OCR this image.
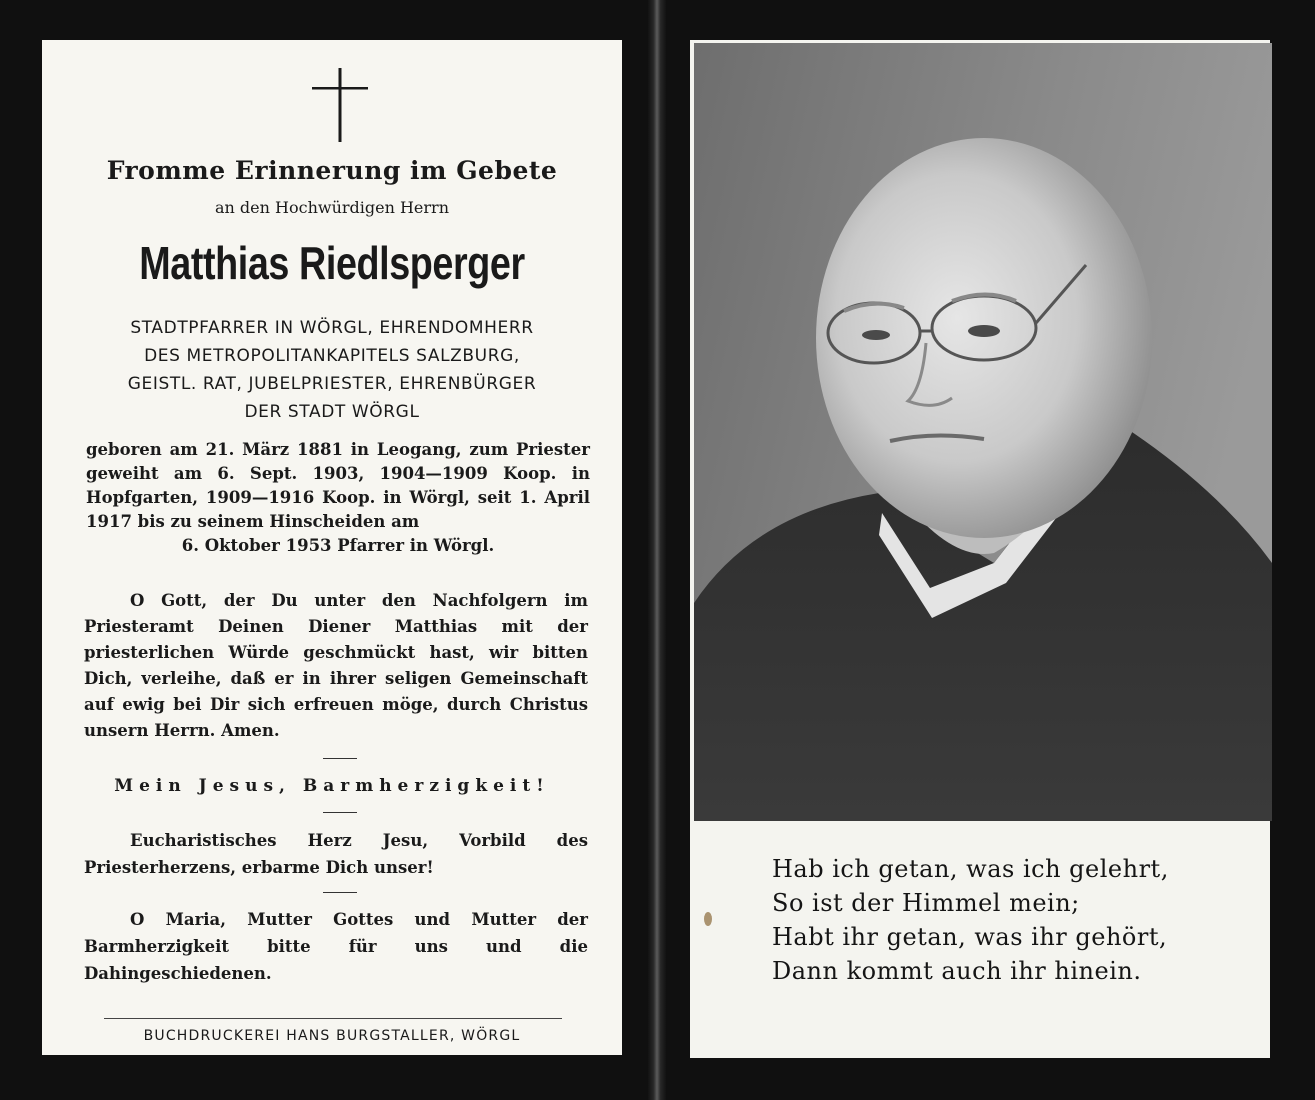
Fromme Erinnerung im Gebete
an den Hochwürdigen Herrn
Matthias Riedlsperger
STADTPFARRER IN WÖRGL, EHRENDOMHERR
DES METROPOLITANKAPITELS SALZBURG,
GEISTL. RAT, JUBELPRIESTER, EHRENBÜRGER
DER STADT WÖRGL
geboren am 21. März 1881 in Leogang, zum Priester geweiht am 6. Sept. 1903, 1904—1909 Koop. in Hopfgarten, 1909—1916 Koop. in Wörgl, seit 1. April 1917 bis zu seinem Hinscheiden am
6. Oktober 1953 Pfarrer in Wörgl.
O Gott, der Du unter den Nachfolgern im Priesteramt Deinen Diener Matthias mit der priesterlichen Würde geschmückt hast, wir bitten Dich, verleihe, daß er in ihrer seligen Gemeinschaft auf ewig bei Dir sich erfreuen möge, durch Christus unsern Herrn. Amen.
Mein Jesus, Barmherzigkeit!
Eucharistisches Herz Jesu, Vorbild des Priesterherzens, erbarme Dich unser!
O Maria, Mutter Gottes und Mutter der Barmherzigkeit bitte für uns und die Dahingeschiedenen.
BUCHDRUCKEREI HANS BURGSTALLER, WÖRGL
Hab ich getan, was ich gelehrt,
So ist der Himmel mein;
Habt ihr getan, was ihr gehört,
Dann kommt auch ihr hinein.
